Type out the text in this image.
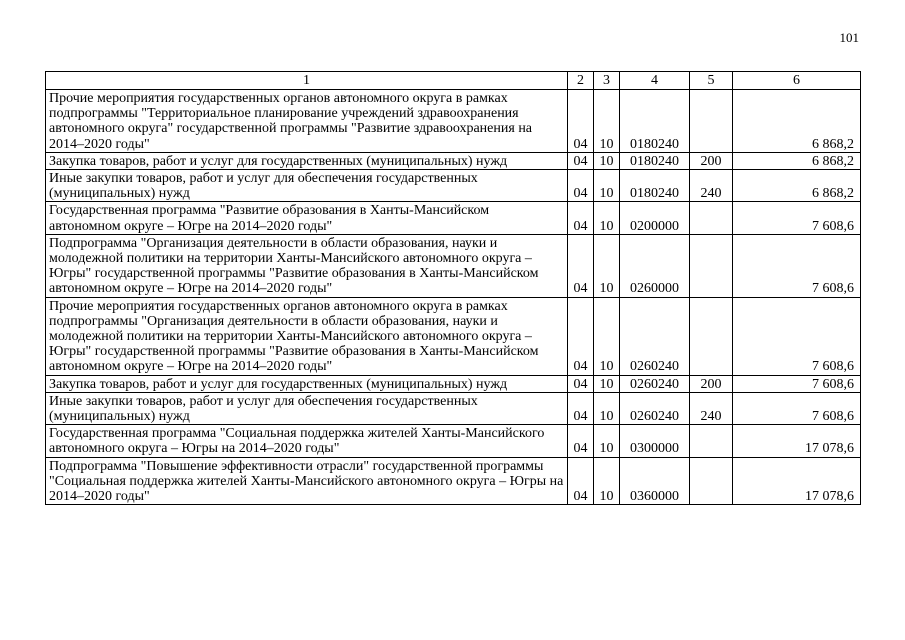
101
1	2	3	4	5	6
Прочие мероприятия государственных органов автономного округа в рамках подпрограммы "Территориальное планирование учреждений здравоохранения автономного округа" государственной программы "Развитие здравоохранения на 2014–2020 годы"	04	10	0180240		6 868,2
Закупка товаров, работ и услуг для государственных (муниципальных) нужд	04	10	0180240	200	6 868,2
Иные закупки товаров, работ и услуг для обеспечения государственных (муниципальных) нужд	04	10	0180240	240	6 868,2
Государственная программа "Развитие образования в Ханты-Мансийском автономном округе – Югре на 2014–2020 годы"	04	10	0200000		7 608,6
Подпрограмма "Организация деятельности в области образования, науки и молодежной политики на территории Ханты-Мансийского автономного округа – Югры" государственной программы "Развитие образования в Ханты-Мансийском автономном округе – Югре на 2014–2020 годы"	04	10	0260000		7 608,6
Прочие мероприятия государственных органов автономного округа в рамках подпрограммы "Организация деятельности в области образования, науки и молодежной политики на территории Ханты-Мансийского автономного округа – Югры" государственной программы "Развитие образования в Ханты-Мансийском автономном округе – Югре на 2014–2020 годы"	04	10	0260240		7 608,6
Закупка товаров, работ и услуг для государственных (муниципальных) нужд	04	10	0260240	200	7 608,6
Иные закупки товаров, работ и услуг для обеспечения государственных (муниципальных) нужд	04	10	0260240	240	7 608,6
Государственная программа "Социальная поддержка жителей Ханты-Мансийского автономного округа – Югры на 2014–2020 годы"	04	10	0300000		17 078,6
Подпрограмма "Повышение эффективности отрасли" государственной программы "Социальная поддержка жителей Ханты-Мансийского автономного округа – Югры на 2014–2020 годы"	04	10	0360000		17 078,6
